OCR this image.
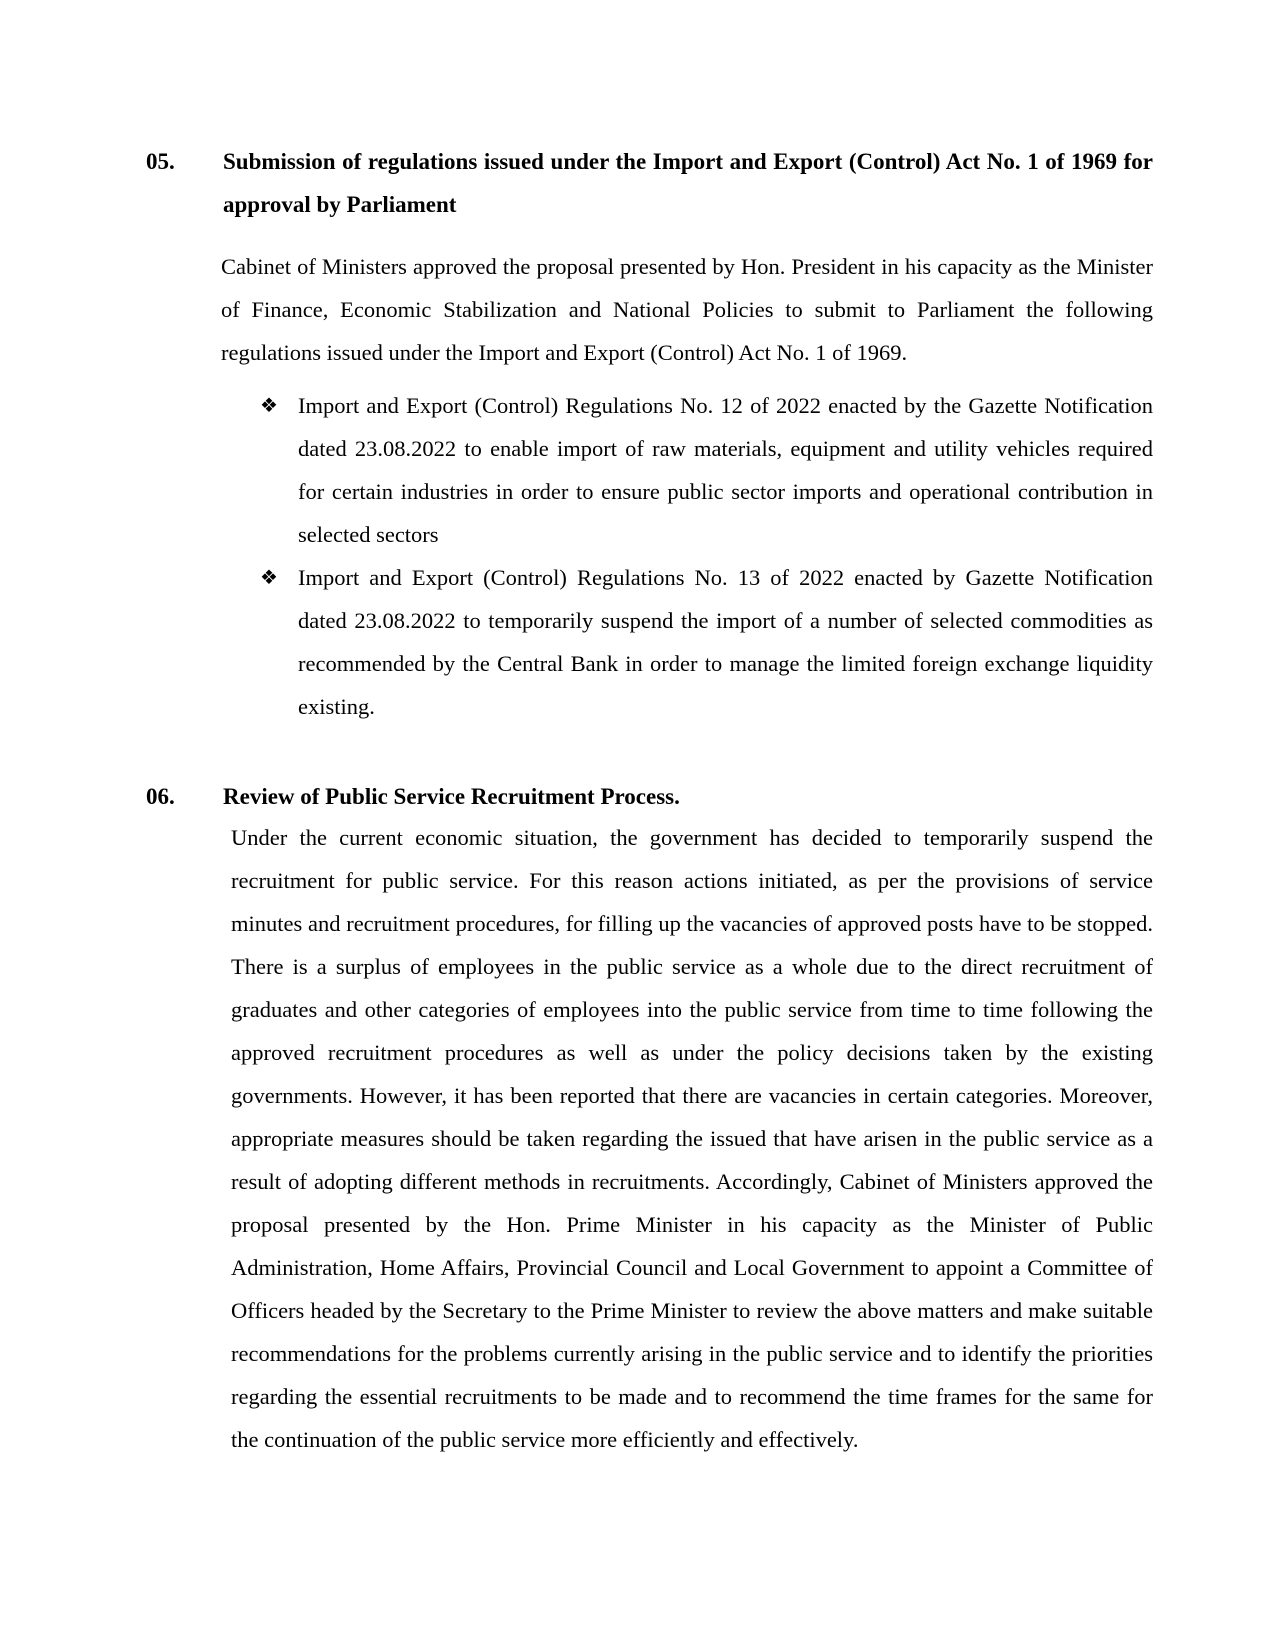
05. Submission of regulations issued under the Import and Export (Control) Act No. 1 of 1969 for approval by Parliament

Cabinet of Ministers approved the proposal presented by Hon. President in his capacity as the Minister of Finance, Economic Stabilization and National Policies to submit to Parliament the following regulations issued under the Import and Export (Control) Act No. 1 of 1969.

❖ Import and Export (Control) Regulations No. 12 of 2022 enacted by the Gazette Notification dated 23.08.2022 to enable import of raw materials, equipment and utility vehicles required for certain industries in order to ensure public sector imports and operational contribution in selected sectors
❖ Import and Export (Control) Regulations No. 13 of 2022 enacted by Gazette Notification dated 23.08.2022 to temporarily suspend the import of a number of selected commodities as recommended by the Central Bank in order to manage the limited foreign exchange liquidity existing.
06. Review of Public Service Recruitment Process.

Under the current economic situation, the government has decided to temporarily suspend the recruitment for public service. For this reason actions initiated, as per the provisions of service minutes and recruitment procedures, for filling up the vacancies of approved posts have to be stopped. There is a surplus of employees in the public service as a whole due to the direct recruitment of graduates and other categories of employees into the public service from time to time following the approved recruitment procedures as well as under the policy decisions taken by the existing governments. However, it has been reported that there are vacancies in certain categories. Moreover, appropriate measures should be taken regarding the issued that have arisen in the public service as a result of adopting different methods in recruitments. Accordingly, Cabinet of Ministers approved the proposal presented by the Hon. Prime Minister in his capacity as the Minister of Public Administration, Home Affairs, Provincial Council and Local Government to appoint a Committee of Officers headed by the Secretary to the Prime Minister to review the above matters and make suitable recommendations for the problems currently arising in the public service and to identify the priorities regarding the essential recruitments to be made and to recommend the time frames for the same for the continuation of the public service more efficiently and effectively.
